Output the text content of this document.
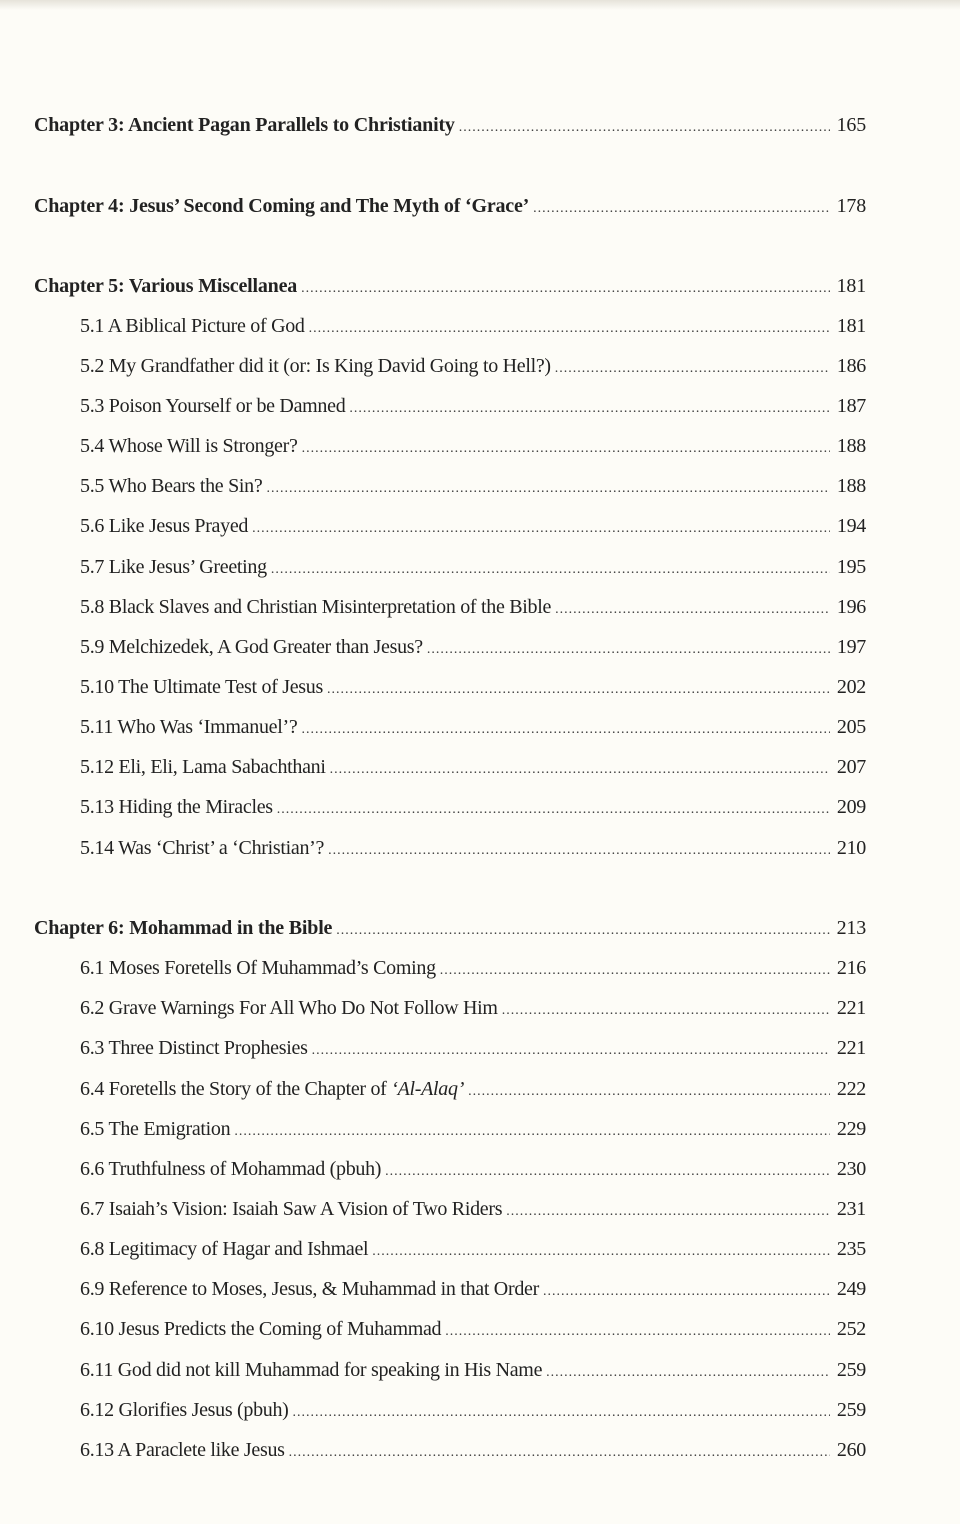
Chapter 3: Ancient Pagan Parallels to Christianity .....	165
Chapter 4: Jesus’ Second Coming and The Myth of ‘Grace’ .....	178
Chapter 5: Various Miscellanea .....	181
5.1 A Biblical Picture of God .....	181
5.2 My Grandfather did it (or: Is King David Going to Hell?) .....	186
5.3 Poison Yourself or be Damned .....	187
5.4 Whose Will is Stronger? .....	188
5.5 Who Bears the Sin? .....	188
5.6 Like Jesus Prayed .....	194
5.7 Like Jesus’ Greeting .....	195
5.8 Black Slaves and Christian Misinterpretation of the Bible .....	196
5.9 Melchizedek, A God Greater than Jesus? .....	197
5.10 The Ultimate Test of Jesus .....	202
5.11 Who Was ‘Immanuel’? .....	205
5.12 Eli, Eli, Lama Sabachthani .....	207
5.13 Hiding the Miracles .....	209
5.14 Was ‘Christ’ a ‘Christian’? .....	210
Chapter 6: Mohammad in the Bible .....	213
6.1 Moses Foretells Of Muhammad’s Coming .....	216
6.2 Grave Warnings For All Who Do Not Follow Him .....	221
6.3 Three Distinct Prophesies .....	221
6.4 Foretells the Story of the Chapter of ‘Al-Alaq’ .....	222
6.5 The Emigration .....	229
6.6 Truthfulness of Mohammad (pbuh) .....	230
6.7 Isaiah’s Vision: Isaiah Saw A Vision of Two Riders .....	231
6.8 Legitimacy of Hagar and Ishmael .....	235
6.9 Reference to Moses, Jesus, & Muhammad in that Order .....	249
6.10 Jesus Predicts the Coming of Muhammad .....	252
6.11 God did not kill Muhammad for speaking in His Name .....	259
6.12 Glorifies Jesus (pbuh) .....	259
6.13 A Paraclete like Jesus .....	260
